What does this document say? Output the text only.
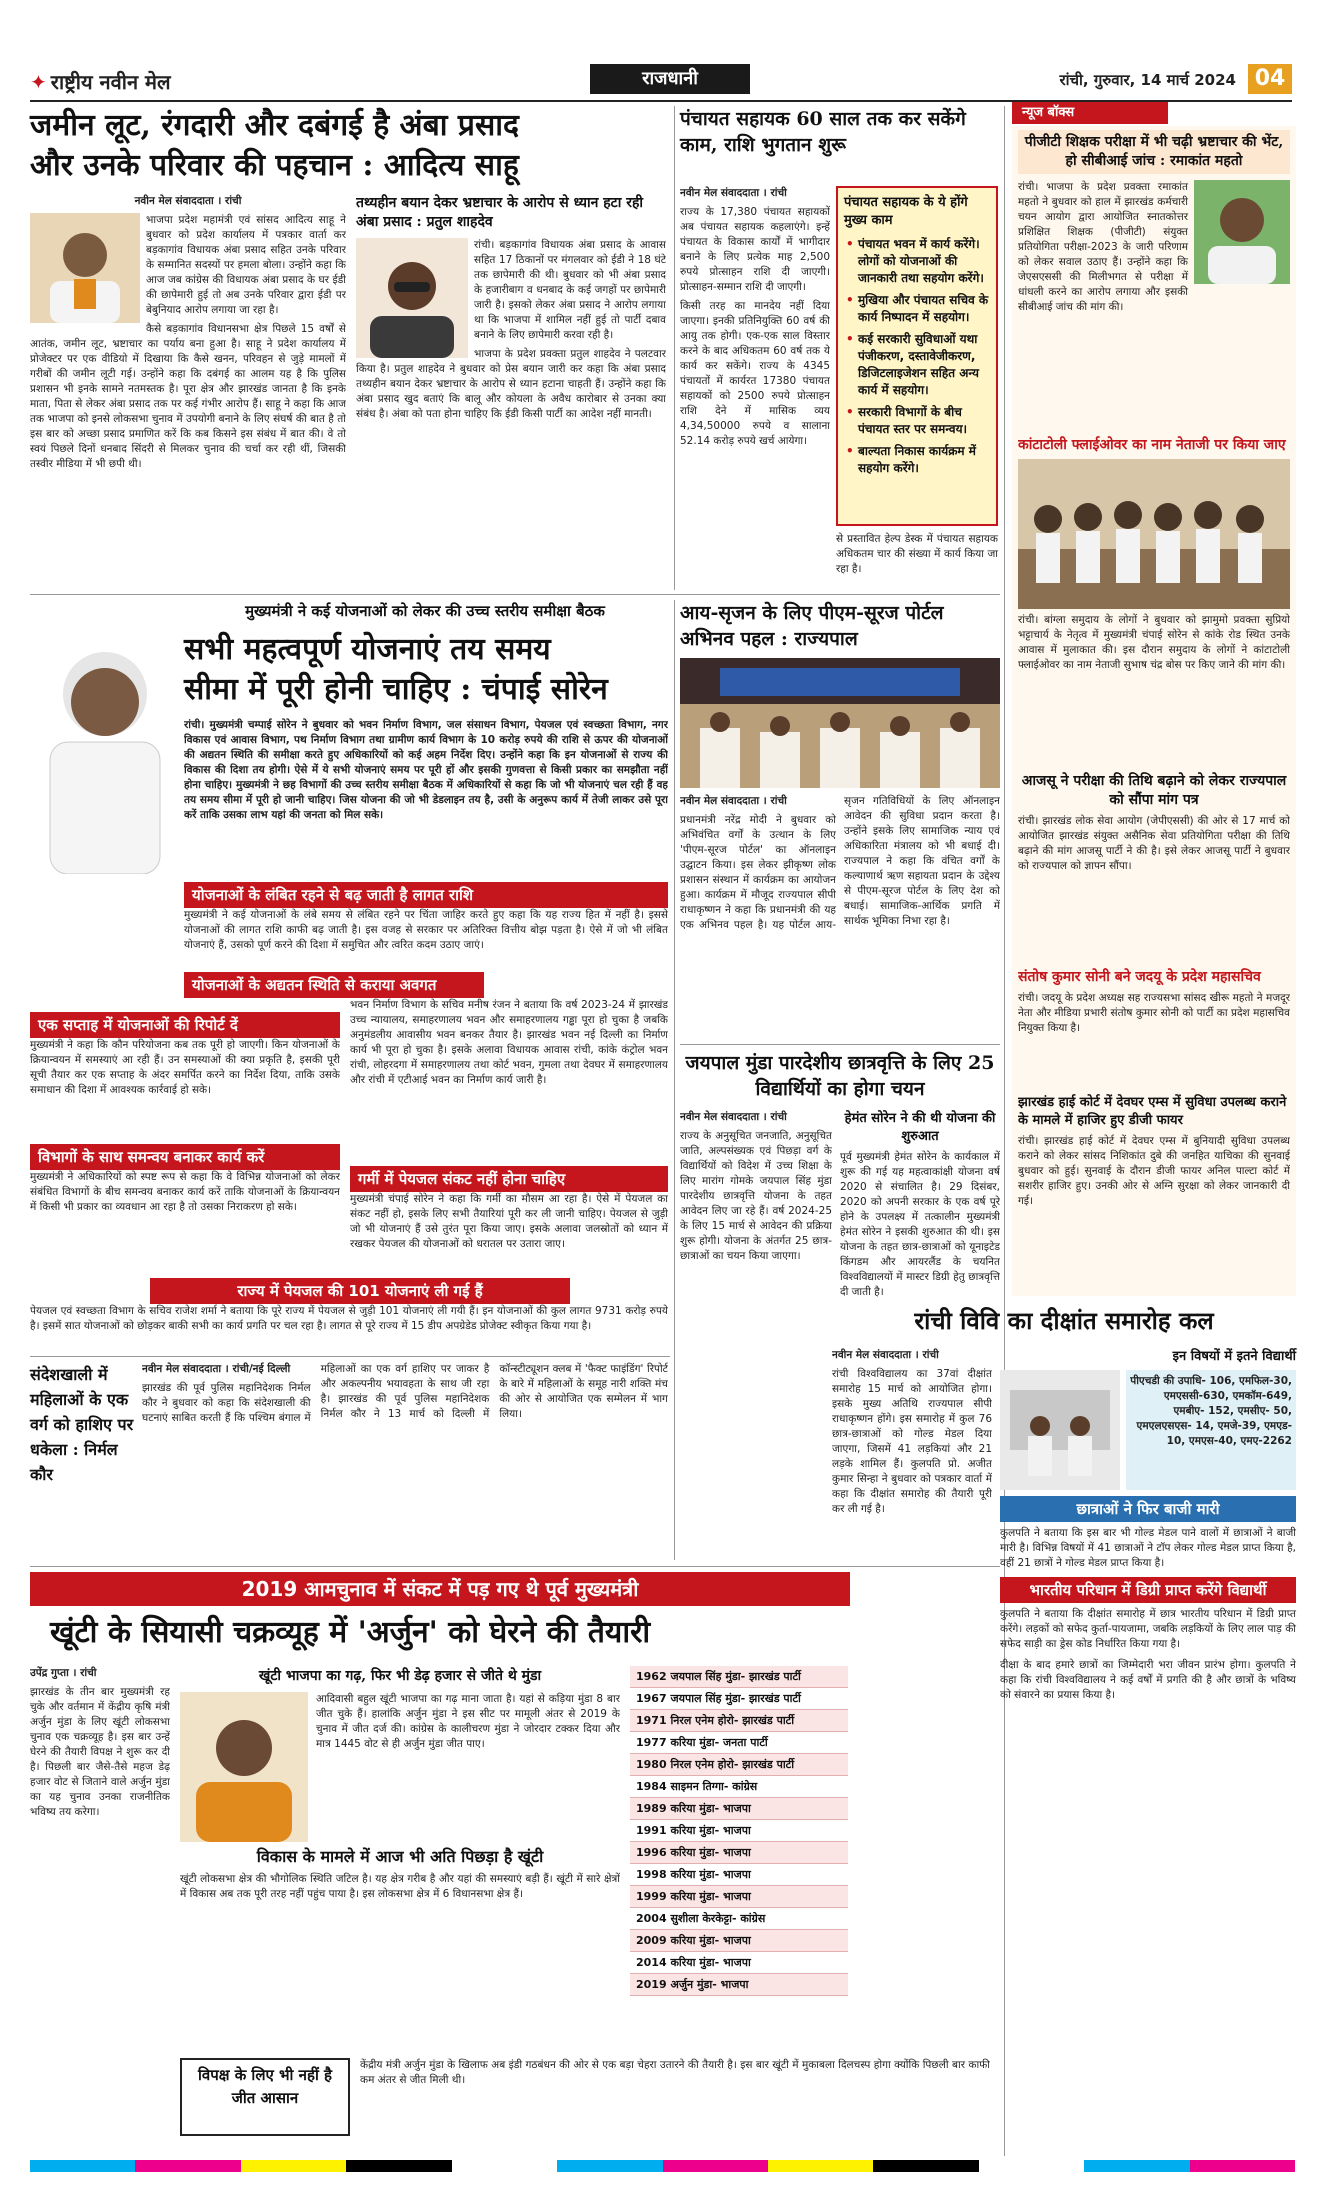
✦ राष्ट्रीय नवीन मेल	राजधानी	रांची, गुरुवार, 14 मार्च 2024 04
जमीन लूट, रंगदारी और दबंगई है अंबा प्रसाद
और उनके परिवार की पहचान : आदित्य साहू

नवीन मेल संवाददाता । रांची

भाजपा प्रदेश महामंत्री एवं सांसद आदित्य साहू ने बुधवार को प्रदेश कार्यालय में पत्रकार वार्ता कर बड़कागांव विधायक अंबा प्रसाद सहित उनके परिवार के सम्मानित सदस्यों पर हमला बोला। उन्होंने कहा कि आज जब कांग्रेस की विधायक अंबा प्रसाद के घर ईडी की छापेमारी हुई तो अब उनके परिवार द्वारा ईडी पर बेबुनियाद आरोप लगाया जा रहा है।

कैसे बड़कागांव विधानसभा क्षेत्र पिछले 15 वर्षों से आतंक, जमीन लूट, भ्रष्टाचार का पर्याय बना हुआ है। साहू ने प्रदेश कार्यालय में प्रोजेक्टर पर एक वीडियो में दिखाया कि कैसे खनन, परिवहन से जुड़े मामलों में गरीबों की जमीन लूटी गई। उन्होंने कहा कि दबंगई का आलम यह है कि पुलिस प्रशासन भी इनके सामने नतमस्तक है। पूरा क्षेत्र और झारखंड जानता है कि इनके माता, पिता से लेकर अंबा प्रसाद तक पर कई गंभीर आरोप हैं। साहू ने कहा कि आज तक भाजपा को इनसे लोकसभा चुनाव में उपयोगी बनाने के लिए संघर्ष की बात है तो इस बार को अच्छा प्रसाद प्रमाणित करें कि कब किसने इस संबंध में बात की। वे तो स्वयं पिछले दिनों धनबाद सिंदरी से मिलकर चुनाव की चर्चा कर रही थीं, जिसकी तस्वीर मीडिया में भी छपी थी।

तथ्यहीन बयान देकर भ्रष्टाचार के आरोप से ध्यान हटा रही अंबा प्रसाद : प्रतुल शाहदेव

रांची। बड़कागांव विधायक अंबा प्रसाद के आवास सहित 17 ठिकानों पर मंगलवार को ईडी ने 18 घंटे तक छापेमारी की थी। बुधवार को भी अंबा प्रसाद के हजारीबाग व धनबाद के कई जगहों पर छापेमारी जारी है। इसको लेकर अंबा प्रसाद ने आरोप लगाया था कि भाजपा में शामिल नहीं हुई तो पार्टी दबाव बनाने के लिए छापेमारी करवा रही है।

भाजपा के प्रदेश प्रवक्ता प्रतुल शाहदेव ने पलटवार किया है। प्रतुल शाहदेव ने बुधवार को प्रेस बयान जारी कर कहा कि अंबा प्रसाद तथ्यहीन बयान देकर भ्रष्टाचार के आरोप से ध्यान हटाना चाहती हैं। उन्होंने कहा कि अंबा प्रसाद खुद बताएं कि बालू और कोयला के अवैध कारोबार से उनका क्या संबंध है। अंबा को पता होना चाहिए कि ईडी किसी पार्टी का आदेश नहीं मानती।

पंचायत सहायक 60 साल तक कर सकेंगे काम, राशि भुगतान शुरू

नवीन मेल संवाददाता । रांची

राज्य के 17,380 पंचायत सहायकों अब पंचायत सहायक कहलाएंगे। इन्हें पंचायत के विकास कार्यों में भागीदार बनाने के लिए प्रत्येक माह 2,500 रुपये प्रोत्साहन राशि दी जाएगी। प्रोत्साहन-सम्मान राशि दी जाएगी।

किसी तरह का मानदेय नहीं दिया जाएगा। इनकी प्रतिनियुक्ति 60 वर्ष की आयु तक होगी। एक-एक साल विस्तार करने के बाद अधिकतम 60 वर्ष तक ये कार्य कर सकेंगे। राज्य के 4345 पंचायतों में कार्यरत 17380 पंचायत सहायकों को 2500 रुपये प्रोत्साहन राशि देने में मासिक व्यय 4,34,50000 रुपये व सालाना 52.14 करोड़ रुपये खर्च आयेगा।

पंचायत सहायक के ये होंगे मुख्य काम
• पंचायत भवन में कार्य करेंगे। लोगों को योजनाओं की जानकारी तथा सहयोग करेंगे।
• मुखिया और पंचायत सचिव के कार्य निष्पादन में सहयोग।
• कई सरकारी सुविधाओं यथा पंजीकरण, दस्तावेजीकरण, डिजिटलाइजेशन सहित अन्य कार्य में सहयोग।
• सरकारी विभागों के बीच पंचायत स्तर पर समन्वय।
• बाल्यता निकास कार्यक्रम में सहयोग करेंगे।
से प्रस्तावित हेल्प डेस्क में पंचायत सहायक अधिकतम चार की संख्या में कार्य किया जा रहा है।
न्यूज बॉक्स
पीजीटी शिक्षक परीक्षा में भी चढ़ी भ्रष्टाचार की भेंट, हो सीबीआई जांच : रमाकांत महतो
रांची। भाजपा के प्रदेश प्रवक्ता रमाकांत महतो ने बुधवार को हाल में झारखंड कर्मचारी चयन आयोग द्वारा आयोजित स्नातकोत्तर प्रशिक्षित शिक्षक (पीजीटी) संयुक्त प्रतियोगिता परीक्षा-2023 के जारी परिणाम को लेकर सवाल उठाए हैं। उन्होंने कहा कि जेएसएससी की मिलीभगत से परीक्षा में धांधली करने का आरोप लगाया और इसकी सीबीआई जांच की मांग की।
कांटाटोली फ्लाईओवर का नाम नेताजी पर किया जाए
रांची। बांग्ला समुदाय के लोगों ने बुधवार को झामुमो प्रवक्ता सुप्रियो भट्टाचार्य के नेतृत्व में मुख्यमंत्री चंपाई सोरेन से कांके रोड स्थित उनके आवास में मुलाकात की। इस दौरान समुदाय के लोगों ने कांटाटोली फ्लाईओवर का नाम नेताजी सुभाष चंद्र बोस पर किए जाने की मांग की।
आजसू ने परीक्षा की तिथि बढ़ाने को लेकर राज्यपाल को सौंपा मांग पत्र
रांची। झारखंड लोक सेवा आयोग (जेपीएससी) की ओर से 17 मार्च को आयोजित झारखंड संयुक्त असैनिक सेवा प्रतियोगिता परीक्षा की तिथि बढ़ाने की मांग आजसू पार्टी ने की है। इसे लेकर आजसू पार्टी ने बुधवार को राज्यपाल को ज्ञापन सौंपा।
संतोष कुमार सोनी बने जदयू के प्रदेश महासचिव
रांची। जदयू के प्रदेश अध्यक्ष सह राज्यसभा सांसद खीरू महतो ने मजदूर नेता और मीडिया प्रभारी संतोष कुमार सोनी को पार्टी का प्रदेश महासचिव नियुक्त किया है।
झारखंड हाई कोर्ट में देवघर एम्स में सुविधा उपलब्ध कराने के मामले में हाजिर हुए डीजी फायर
रांची। झारखंड हाई कोर्ट में देवघर एम्स में बुनियादी सुविधा उपलब्ध कराने को लेकर सांसद निशिकांत दुबे की जनहित याचिका की सुनवाई बुधवार को हुई। सुनवाई के दौरान डीजी फायर अनिल पाल्टा कोर्ट में सशरीर हाजिर हुए। उनकी ओर से अग्नि सुरक्षा को लेकर जानकारी दी गई।
मुख्यमंत्री ने कई योजनाओं को लेकर की उच्च स्तरीय समीक्षा बैठक
सभी महत्वपूर्ण योजनाएं तय समय
सीमा में पूरी होनी चाहिए : चंपाई सोरेन
रांची। मुख्यमंत्री चम्पाई सोरेन ने बुधवार को भवन निर्माण विभाग, जल संसाधन विभाग, पेयजल एवं स्वच्छता विभाग, नगर विकास एवं आवास विभाग, पथ निर्माण विभाग तथा ग्रामीण कार्य विभाग के 10 करोड़ रुपये की राशि से ऊपर की योजनाओं की अद्यतन स्थिति की समीक्षा करते हुए अधिकारियों को कई अहम निर्देश दिए। उन्होंने कहा कि इन योजनाओं से राज्य की विकास की दिशा तय होगी। ऐसे में ये सभी योजनाएं समय पर पूरी हों और इसकी गुणवत्ता से किसी प्रकार का समझौता नहीं होना चाहिए। मुख्यमंत्री ने छह विभागों की उच्च स्तरीय समीक्षा बैठक में अधिकारियों से कहा कि जो भी योजनाएं चल रही हैं वह तय समय सीमा में पूरी हो जानी चाहिए। जिस योजना की जो भी डेडलाइन तय है, उसी के अनुरूप कार्य में तेजी लाकर उसे पूरा करें ताकि उसका लाभ यहां की जनता को मिल सके।
योजनाओं के लंबित रहने से बढ़ जाती है लागत राशि
मुख्यमंत्री ने कई योजनाओं के लंबे समय से लंबित रहने पर चिंता जाहिर करते हुए कहा कि यह राज्य हित में नहीं है। इससे योजनाओं की लागत राशि काफी बढ़ जाती है। इस वजह से सरकार पर अतिरिक्त वित्तीय बोझ पड़ता है। ऐसे में जो भी लंबित योजनाएं हैं, उसको पूर्ण करने की दिशा में समुचित और त्वरित कदम उठाए जाएं।
योजनाओं के अद्यतन स्थिति से कराया अवगत
भवन निर्माण विभाग के सचिव मनीष रंजन ने बताया कि वर्ष 2023-24 में झारखंड उच्च न्यायालय, समाहरणालय भवन और समाहरणालय गड्ढा पूरा हो चुका है जबकि अनुमंडलीय आवासीय भवन बनकर तैयार है। झारखंड भवन नई दिल्ली का निर्माण कार्य भी पूरा हो चुका है। इसके अलावा विधायक आवास रांची, कांके कंट्रोल भवन रांची, लोहरदगा में समाहरणालय तथा कोर्ट भवन, गुमला तथा देवघर में समाहरणालय और रांची में एटीआई भवन का निर्माण कार्य जारी है।
एक सप्ताह में योजनाओं की रिपोर्ट दें
मुख्यमंत्री ने कहा कि कौन परियोजना कब तक पूरी हो जाएगी। किन योजनाओं के क्रियान्वयन में समस्याएं आ रही हैं। उन समस्याओं की क्या प्रकृति है, इसकी पूरी सूची तैयार कर एक सप्ताह के अंदर समर्पित करने का निर्देश दिया, ताकि उसके समाधान की दिशा में आवश्यक कार्रवाई हो सके।
विभागों के साथ समन्वय बनाकर कार्य करें
मुख्यमंत्री ने अधिकारियों को स्पष्ट रूप से कहा कि वे विभिन्न योजनाओं को लेकर संबंधित विभागों के बीच समन्वय बनाकर कार्य करें ताकि योजनाओं के क्रियान्वयन में किसी भी प्रकार का व्यवधान आ रहा है तो उसका निराकरण हो सके।
गर्मी में पेयजल संकट नहीं होना चाहिए
मुख्यमंत्री चंपाई सोरेन ने कहा कि गर्मी का मौसम आ रहा है। ऐसे में पेयजल का संकट नहीं हो, इसके लिए सभी तैयारियां पूरी कर ली जानी चाहिए। पेयजल से जुड़ी जो भी योजनाएं हैं उसे तुरंत पूरा किया जाए। इसके अलावा जलस्रोतों को ध्यान में रखकर पेयजल की योजनाओं को धरातल पर उतारा जाए।
राज्य में पेयजल की 101 योजनाएं ली गई हैं
पेयजल एवं स्वच्छता विभाग के सचिव राजेश शर्मा ने बताया कि पूरे राज्य में पेयजल से जुड़ी 101 योजनाएं ली गयी हैं। इन योजनाओं की कुल लागत 9731 करोड़ रुपये है। इसमें सात योजनाओं को छोड़कर बाकी सभी का कार्य प्रगति पर चल रहा है। लागत से पूरे राज्य में 15 डीप अपग्रेडेड प्रोजेक्ट स्वीकृत किया गया है।
संदेशखाली में महिलाओं के एक वर्ग को हाशिए पर धकेला : निर्मल कौर

नवीन मेल संवाददाता । रांची/नई दिल्ली

झारखंड की पूर्व पुलिस महानिदेशक निर्मल कौर ने बुधवार को कहा कि संदेशखाली की घटनाएं साबित करती हैं कि पश्चिम बंगाल में महिलाओं का एक वर्ग हाशिए पर जाकर है और अकल्पनीय भयावहता के साथ जी रहा है। झारखंड की पूर्व पुलिस महानिदेशक निर्मल कौर ने 13 मार्च को दिल्ली में कॉन्स्टीट्यूशन क्लब में 'फैक्ट फाइंडिंग' रिपोर्ट के बारे में महिलाओं के समूह नारी शक्ति मंच की ओर से आयोजित एक सम्मेलन में भाग लिया।

आय-सृजन के लिए पीएम-सूरज पोर्टल अभिनव पहल : राज्यपाल

नवीन मेल संवाददाता । रांची

प्रधानमंत्री नरेंद्र मोदी ने बुधवार को अभिवंचित वर्गों के उत्थान के लिए 'पीएम-सूरज पोर्टल' का ऑनलाइन उद्घाटन किया। इस लेकर झीकृष्ण लोक प्रशासन संस्थान में कार्यक्रम का आयोजन हुआ। कार्यक्रम में मौजूद राज्यपाल सीपी राधाकृष्णन ने कहा कि प्रधानमंत्री की यह एक अभिनव पहल है। यह पोर्टल आय-सृजन गतिविधियों के लिए ऑनलाइन आवेदन की सुविधा प्रदान करता है। उन्होंने इसके लिए सामाजिक न्याय एवं अधिकारिता मंत्रालय को भी बधाई दी। राज्यपाल ने कहा कि वंचित वर्गों के कल्याणार्थ ऋण सहायता प्रदान के उद्देश्य से पीएम-सूरज पोर्टल के लिए देश को बधाई। सामाजिक-आर्थिक प्रगति में सार्थक भूमिका निभा रहा है।

जयपाल मुंडा पारदेशीय छात्रवृत्ति के लिए 25 विद्यार्थियों का होगा चयन

नवीन मेल संवाददाता । रांची

राज्य के अनुसूचित जनजाति, अनुसूचित जाति, अल्पसंख्यक एवं पिछड़ा वर्ग के विद्यार्थियों को विदेश में उच्च शिक्षा के लिए मारांग गोमके जयपाल सिंह मुंडा पारदेशीय छात्रवृत्ति योजना के तहत आवेदन लिए जा रहे हैं। वर्ष 2024-25 के लिए 15 मार्च से आवेदन की प्रक्रिया शुरू होगी। योजना के अंतर्गत 25 छात्र-छात्राओं का चयन किया जाएगा।

हेमंत सोरेन ने की थी योजना की शुरुआत
पूर्व मुख्यमंत्री हेमंत सोरेन के कार्यकाल में शुरू की गई यह महत्वाकांक्षी योजना वर्ष 2020 से संचालित है। 29 दिसंबर, 2020 को अपनी सरकार के एक वर्ष पूरे होने के उपलक्ष्य में तत्कालीन मुख्यमंत्री हेमंत सोरेन ने इसकी शुरुआत की थी। इस योजना के तहत छात्र-छात्राओं को यूनाइटेड किंगडम और आयरलैंड के चयनित विश्वविद्यालयों में मास्टर डिग्री हेतु छात्रवृत्ति दी जाती है।
2019 आमचुनाव में संकट में पड़ गए थे पूर्व मुख्यमंत्री
खूंटी के सियासी चक्रव्यूह में 'अर्जुन' को घेरने की तैयारी

उपेंद्र गुप्ता । रांची

झारखंड के तीन बार मुख्यमंत्री रह चुके और वर्तमान में केंद्रीय कृषि मंत्री अर्जुन मुंडा के लिए खूंटी लोकसभा चुनाव एक चक्रव्यूह है। इस बार उन्हें घेरने की तैयारी विपक्ष ने शुरू कर दी है। पिछली बार जैसे-तैसे महज डेढ़ हजार वोट से जिताने वाले अर्जुन मुंडा का यह चुनाव उनका राजनीतिक भविष्य तय करेगा।

खूंटी भाजपा का गढ़, फिर भी डेढ़ हजार से जीते थे मुंडा
आदिवासी बहुल खूंटी भाजपा का गढ़ माना जाता है। यहां से कड़िया मुंडा 8 बार जीत चुके हैं। हालांकि अर्जुन मुंडा ने इस सीट पर मामूली अंतर से 2019 के चुनाव में जीत दर्ज की। कांग्रेस के कालीचरण मुंडा ने जोरदार टक्कर दिया और मात्र 1445 वोट से ही अर्जुन मुंडा जीत पाए।
विकास के मामले में आज भी अति पिछड़ा है खूंटी
खूंटी लोकसभा क्षेत्र की भौगोलिक स्थिति जटिल है। यह क्षेत्र गरीब है और यहां की समस्याएं बड़ी हैं। खूंटी में सारे क्षेत्रों में विकास अब तक पूरी तरह नहीं पहुंच पाया है। इस लोकसभा क्षेत्र में 6 विधानसभा क्षेत्र हैं।
1962 जयपाल सिंह मुंडा- झारखंड पार्टी
1967 जयपाल सिंह मुंडा- झारखंड पार्टी
1971 निरल एनेम होरो- झारखंड पार्टी
1977 करिया मुंडा- जनता पार्टी
1980 निरल एनेम होरो- झारखंड पार्टी
1984 साइमन तिग्गा- कांग्रेस
1989 करिया मुंडा- भाजपा
1991 करिया मुंडा- भाजपा
1996 करिया मुंडा- भाजपा
1998 करिया मुंडा- भाजपा
1999 करिया मुंडा- भाजपा
2004 सुशीला केरकेट्टा- कांग्रेस
2009 करिया मुंडा- भाजपा
2014 करिया मुंडा- भाजपा
2019 अर्जुन मुंडा- भाजपा
विपक्ष के लिए भी नहीं है जीत आसान
केंद्रीय मंत्री अर्जुन मुंडा के खिलाफ अब इंडी गठबंधन की ओर से एक बड़ा चेहरा उतारने की तैयारी है। इस बार खूंटी में मुकाबला दिलचस्प होगा क्योंकि पिछली बार काफी कम अंतर से जीत मिली थी।
रांची विवि का दीक्षांत समारोह कल

नवीन मेल संवाददाता । रांची

रांची विश्वविद्यालय का 37वां दीक्षांत समारोह 15 मार्च को आयोजित होगा। इसके मुख्य अतिथि राज्यपाल सीपी राधाकृष्णन होंगे। इस समारोह में कुल 76 छात्र-छात्राओं को गोल्ड मेडल दिया जाएगा, जिसमें 41 लड़कियां और 21 लड़के शामिल हैं। कुलपति प्रो. अजीत कुमार सिन्हा ने बुधवार को पत्रकार वार्ता में कहा कि दीक्षांत समारोह की तैयारी पूरी कर ली गई है।

इन विषयों में इतने विद्यार्थी
पीएचडी की उपाधि- 106, एमफिल-30, एमएससी-630, एमकॉम-649, एमबीए- 152, एमसीए- 50, एमएलएसएस- 14, एमजे-39, एमएड- 10, एमएस-40, एमए-2262
छात्राओं ने फिर बाजी मारी
कुलपति ने बताया कि इस बार भी गोल्ड मेडल पाने वालों में छात्राओं ने बाजी मारी है। विभिन्न विषयों में 41 छात्राओं ने टॉप लेकर गोल्ड मेडल प्राप्त किया है, वहीं 21 छात्रों ने गोल्ड मेडल प्राप्त किया है।
भारतीय परिधान में डिग्री प्राप्त करेंगे विद्यार्थी
कुलपति ने बताया कि दीक्षांत समारोह में छात्र भारतीय परिधान में डिग्री प्राप्त करेंगे। लड़कों को सफेद कुर्ता-पायजामा, जबकि लड़कियों के लिए लाल पाड़ की सफेद साड़ी का ड्रेस कोड निर्धारित किया गया है।
दीक्षा के बाद हमारे छात्रों का जिम्मेदारी भरा जीवन प्रारंभ होगा। कुलपति ने कहा कि रांची विश्वविद्यालय ने कई वर्षों में प्रगति की है और छात्रों के भविष्य को संवारने का प्रयास किया है।
